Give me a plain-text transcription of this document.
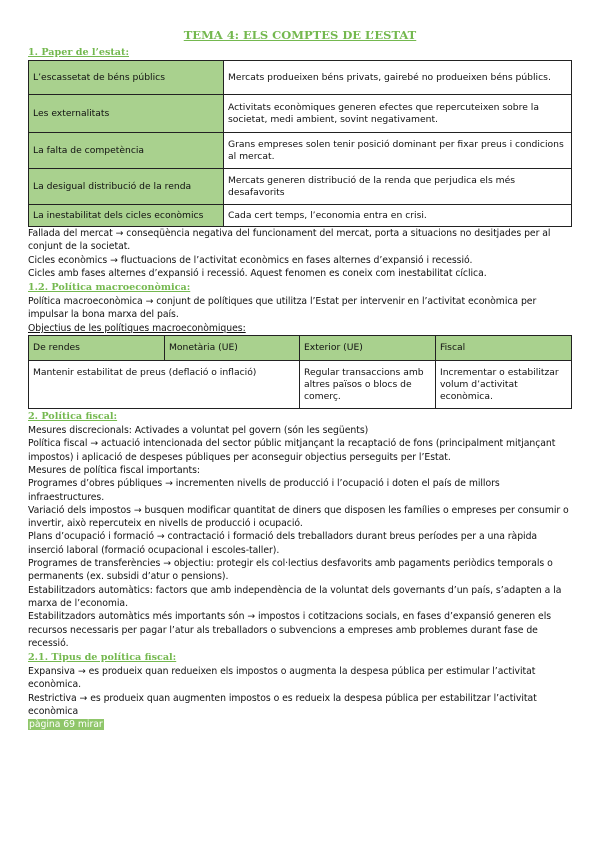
TEMA 4: ELS COMPTES DE L’ESTAT
1. Paper de l’estat:
L’escassetat de béns públics	Mercats produeixen béns privats, gairebé no produeixen béns públics.
Les externalitats	Activitats econòmiques generen efectes que repercuteixen sobre la societat, medi ambient, sovint negativament.
La falta de competència	Grans empreses solen tenir posició dominant per fixar preus i condicions al mercat.
La desigual distribució de la renda	Mercats generen distribució de la renda que perjudica els més desafavorits
La inestabilitat dels cicles econòmics	Cada cert temps, l’economia entra en crisi.

Fallada del mercat → conseqüència negativa del funcionament del mercat, porta a situacions no desitjades per al conjunt de la societat.

Cicles econòmics → fluctuacions de l’activitat econòmics en fases alternes d’expansió i recessió.

Cicles amb fases alternes d’expansió i recessió. Aquest fenomen es coneix com inestabilitat cíclica.

1.2. Política macroeconòmica:

Política macroeconòmica → conjunt de polítiques que utilitza l’Estat per intervenir en l’activitat econòmica per impulsar la bona marxa del país.

Objectius de les polítiques macroeconòmiques:

De rendes	Monetària (UE)	Exterior (UE)	Fiscal
Mantenir estabilitat de preus (deflació o inflació)		Regular transaccions amb altres països o blocs de comerç.	Incrementar o estabilitzar volum d’activitat econòmica.
2. Política fiscal:

Mesures discrecionals: Activades a voluntat pel govern (són les següents)

Política fiscal → actuació intencionada del sector públic mitjançant la recaptació de fons (principalment mitjançant impostos) i aplicació de despeses públiques per aconseguir objectius perseguits per l’Estat.

Mesures de política fiscal importants:

Programes d’obres públiques → incrementen nivells de producció i l’ocupació i doten el país de millors infraestructures.

Variació dels impostos → busquen modificar quantitat de diners que disposen les famílies o empreses per consumir o invertir, això repercuteix en nivells de producció i ocupació.

Plans d’ocupació i formació → contractació i formació dels treballadors durant breus períodes per a una ràpida inserció laboral (formació ocupacional i escoles-taller).

Programes de transferències → objectiu: protegir els col·lectius desfavorits amb pagaments periòdics temporals o permanents (ex. subsidi d’atur o pensions).

Estabilitzadors automàtics: factors que amb independència de la voluntat dels governants d’un país, s’adapten a la marxa de l’economia.

Estabilitzadors automàtics més importants són → impostos i cotitzacions socials, en fases d’expansió generen els recursos necessaris per pagar l’atur als treballadors o subvencions a empreses amb problemes durant fase de recessió.

2.1. Tipus de política fiscal:

Expansiva → es produeix quan redueixen els impostos o augmenta la despesa pública per estimular l’activitat econòmica.

Restrictiva → es produeix quan augmenten impostos o es redueix la despesa pública per estabilitzar l’activitat econòmica

pàgina 69 mirar
